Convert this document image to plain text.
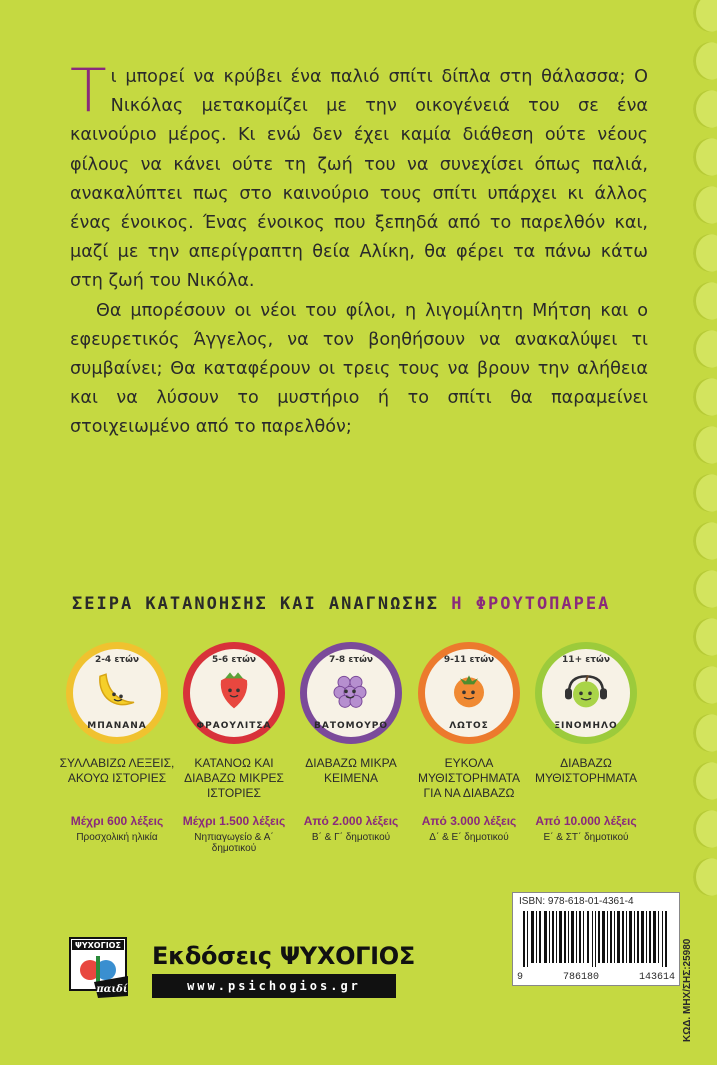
Τι μπορεί να κρύβει ένα παλιό σπίτι δίπλα στη θάλασσα; Ο Νικόλας μετακομίζει με την οικογένειά του σε ένα καινούριο μέρος. Κι ενώ δεν έχει καμία διάθεση ούτε νέους φίλους να κάνει ούτε τη ζωή του να συνεχίσει όπως παλιά, ανακαλύπτει πως στο καινούριο τους σπίτι υπάρχει κι άλλος ένας ένοικος. Ένας ένοικος που ξεπηδά από το παρελθόν και, μαζί με την απερίγραπτη θεία Αλίκη, θα φέρει τα πάνω κάτω στη ζωή του Νικόλα.

Θα μπορέσουν οι νέοι του φίλοι, η λιγομίλητη Μήτση και ο εφευρετικός Άγγελος, να τον βοηθήσουν να ανακαλύψει τι συμβαίνει; Θα καταφέρουν οι τρεις τους να βρουν την αλήθεια και να λύσουν το μυστήριο ή το σπίτι θα παραμείνει στοιχειωμένο από το παρελθόν;

ΣΕΙΡΑ ΚΑΤΑΝΟΗΣΗΣ ΚΑΙ ΑΝΑΓΝΩΣΗΣ Η ΦΡΟΥΤΟΠΑΡΕΑ
2-4 ετών
ΜΠΑΝΑΝΑ
ΣΥΛΛΑΒΙΖΩ ΛΕΞΕΙΣ, ΑΚΟΥΩ ΙΣΤΟΡΙΕΣ
Μέχρι 600 λέξεις
Προσχολική ηλικία
5-6 ετών
ΦΡΑΟΥΛΙΤΣΑ
ΚΑΤΑΝΟΩ ΚΑΙ ΔΙΑΒΑΖΩ ΜΙΚΡΕΣ ΙΣΤΟΡΙΕΣ
Μέχρι 1.500 λέξεις
Νηπιαγωγείο & Α΄ δημοτικού
7-8 ετών
ΒΑΤΟΜΟΥΡΟ
ΔΙΑΒΑΖΩ ΜΙΚΡΑ ΚΕΙΜΕΝΑ
Από 2.000 λέξεις
Β΄ & Γ΄ δημοτικού
9-11 ετών
ΛΩΤΟΣ
ΕΥΚΟΛΑ ΜΥΘΙΣΤΟΡΗΜΑΤΑ ΓΙΑ ΝΑ ΔΙΑΒΑΖΩ
Από 3.000 λέξεις
Δ΄ & Ε΄ δημοτικού
11+ ετών
ΞΙΝΟΜΗΛΟ
ΔΙΑΒΑΖΩ ΜΥΘΙΣΤΟΡΗΜΑΤΑ
Από 10.000 λέξεις
Ε΄ & ΣΤ΄ δημοτικού
ISBN: 978-618-01-4361-4
9	786180	143614 ΚΩΔ. ΜΗΧ/ΣΗΣ:25980
ΨΥΧΟΓΙΟΣ
παιδί
Εκδόσεις ΨΥΧΟΓΙΟΣ
www.psichogios.gr
